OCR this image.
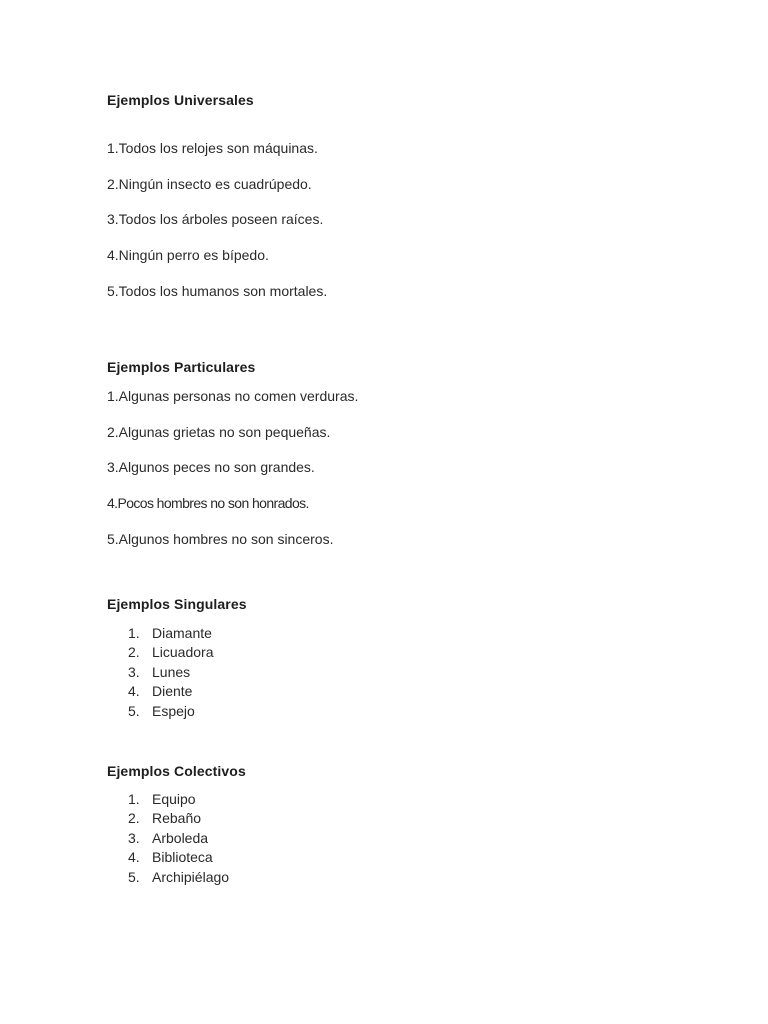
Ejemplos Universales
1.Todos los relojes son máquinas.
2.Ningún insecto es cuadrúpedo.
3.Todos los árboles poseen raíces.
4.Ningún perro es bípedo.
5.Todos los humanos son mortales.
Ejemplos Particulares
1.Algunas personas no comen verduras.
2.Algunas grietas no son pequeñas.
3.Algunos peces no son grandes.
4.Pocos hombres no son honrados.
5.Algunos hombres no son sinceros.
Ejemplos Singulares
1. Diamante
2. Licuadora
3. Lunes
4. Diente
5. Espejo
Ejemplos Colectivos
1. Equipo
2. Rebaño
3. Arboleda
4. Biblioteca
5. Archipiélago
